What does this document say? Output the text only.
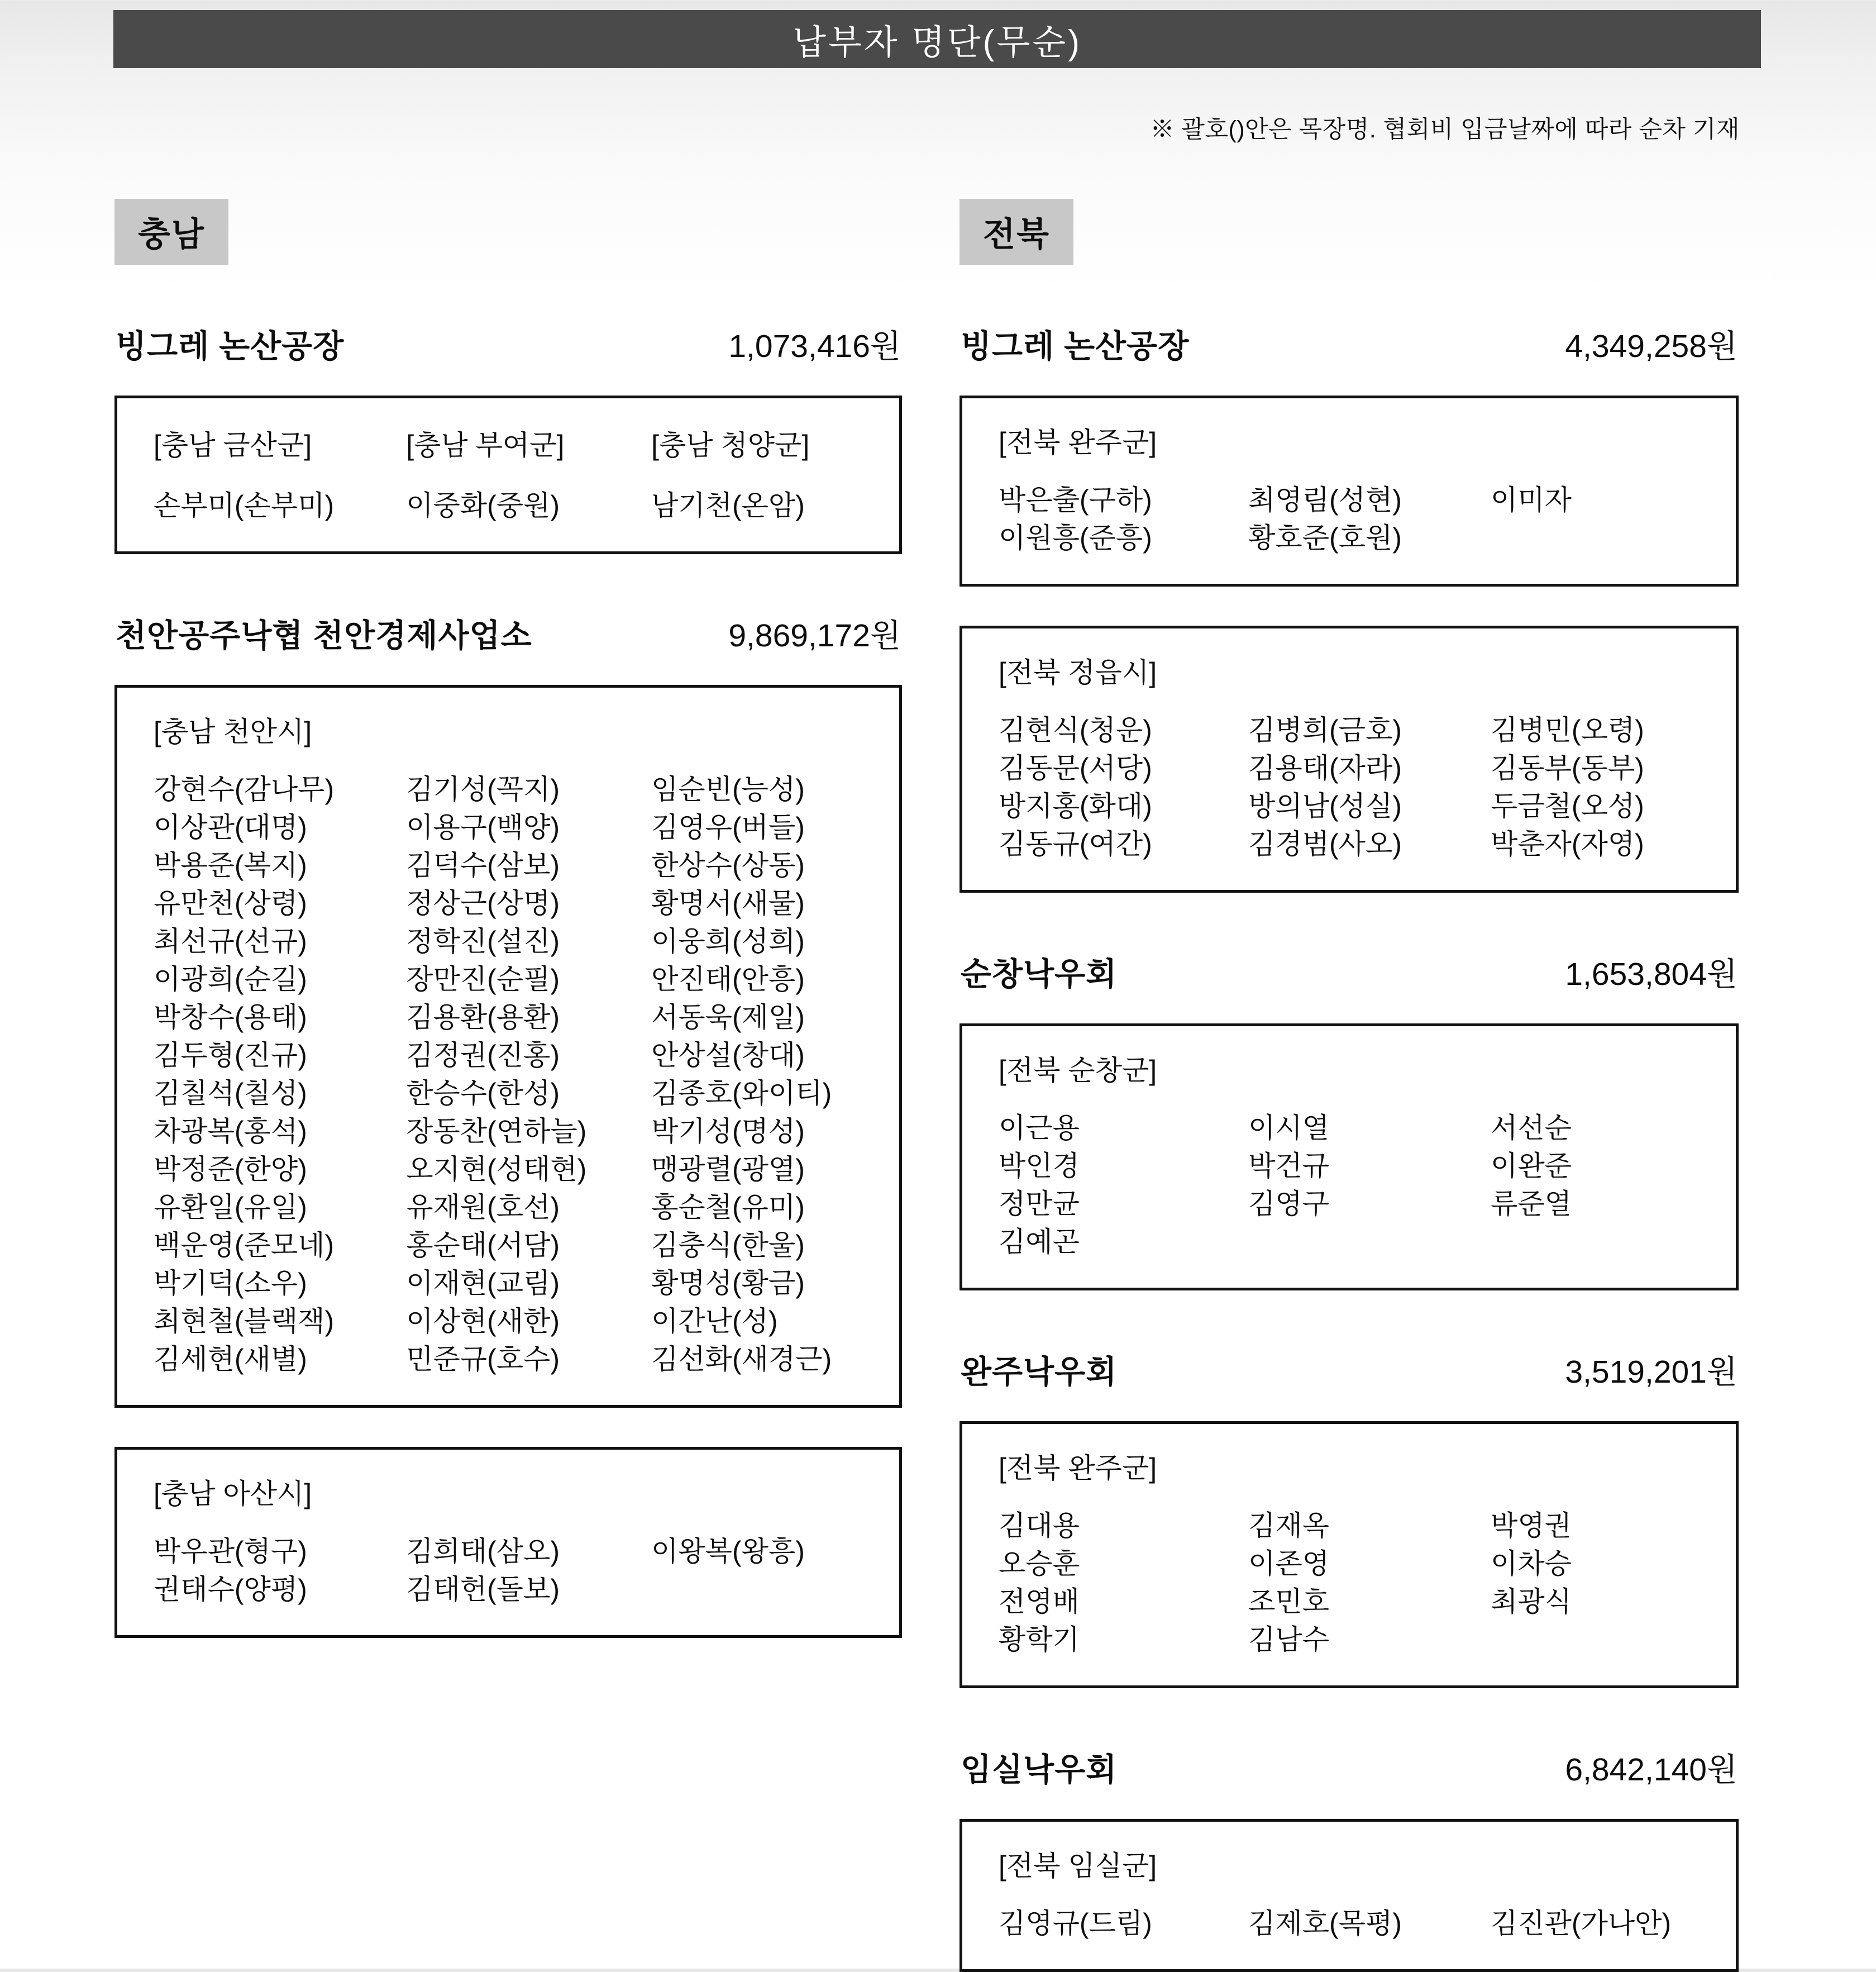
납부자 명단(무순)
※ 괄호()안은 목장명. 협회비 입금날짜에 따라 순차 기재
충남
빙그레 논산공장	1,073,416원
[충남 금산군]	[충남 부여군]	[충남 청양군]
손부미(손부미)	이중화(중원)	남기천(온암)
천안공주낙협 천안경제사업소	9,869,172원
[충남 천안시]
강현수(감나무)	김기성(꼭지)	임순빈(능성)
이상관(대명)	이용구(백양)	김영우(버들)
박용준(복지)	김덕수(삼보)	한상수(상동)
유만천(상령)	정상근(상명)	황명서(새물)
최선규(선규)	정학진(설진)	이웅희(성희)
이광희(순길)	장만진(순필)	안진태(안흥)
박창수(용태)	김용환(용환)	서동욱(제일)
김두형(진규)	김정권(진홍)	안상설(창대)
김칠석(칠성)	한승수(한성)	김종호(와이티)
차광복(홍석)	장동찬(연하늘)	박기성(명성)
박정준(한양)	오지현(성태현)	맹광렬(광열)
유환일(유일)	유재원(호선)	홍순철(유미)
백운영(준모네)	홍순태(서담)	김충식(한울)
박기덕(소우)	이재현(교림)	황명성(황금)
최현철(블랙잭)	이상현(새한)	이간난(성)
김세현(새별)	민준규(호수)	김선화(새경근)
[충남 아산시]
박우관(형구)	김희태(삼오)	이왕복(왕흥)
권태수(양평)	김태헌(돌보)
전북
빙그레 논산공장	4,349,258원
[전북 완주군]
박은출(구하)	최영림(성현)	이미자
이원흥(준흥)	황호준(호원)
[전북 정읍시]
김현식(청운)	김병희(금호)	김병민(오령)
김동문(서당)	김용태(자라)	김동부(동부)
방지홍(화대)	방의남(성실)	두금철(오성)
김동규(여간)	김경범(사오)	박춘자(자영)
순창낙우회	1,653,804원
[전북 순창군]
이근용	이시열	서선순
박인경	박건규	이완준
정만균	김영구	류준열
김예곤
완주낙우회	3,519,201원
[전북 완주군]
김대용	김재옥	박영권
오승훈	이존영	이차승
전영배	조민호	최광식
황학기	김남수
임실낙우회	6,842,140원
[전북 임실군]
김영규(드림)	김제호(목평)	김진관(가나안)
